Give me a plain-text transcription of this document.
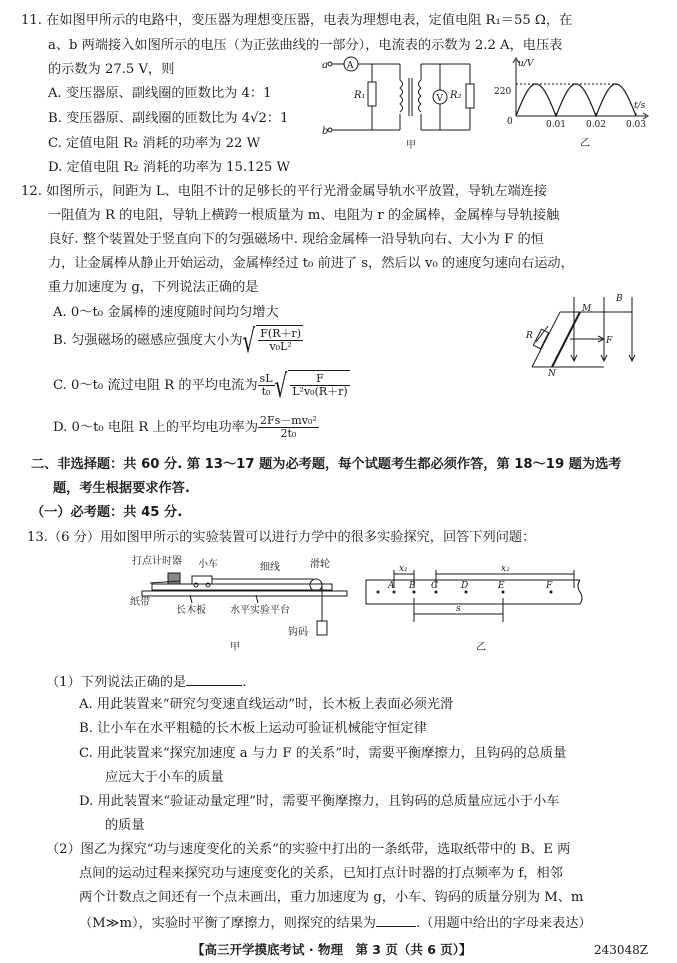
11. 在如图甲所示的电路中，变压器为理想变压器，电表为理想电表，定值电阻 R₁＝55 Ω，在
a、b 两端接入如图所示的电压（为正弦曲线的一部分），电流表的示数为 2.2 A，电压表
的示数为 27.5 V，则
A. 变压器原、副线圈的匝数比为 4：1
B. 变压器原、副线圈的匝数比为 4√2：1
C. 定值电阻 R₂ 消耗的功率为 22 W
D. 定值电阻 R₂ 消耗的功率为 15.125 W
a
b
A
V
R₁	R₂
甲
u/V
t/s
220
0	0.01 0.02 0.03
乙
12. 如图所示，间距为 L、电阻不计的足够长的平行光滑金属导轨水平放置，导轨左端连接
一阻值为 R 的电阻，导轨上横跨一根质量为 m、电阻为 r 的金属棒，金属棒与导轨接触
良好. 整个装置处于竖直向下的匀强磁场中. 现给金属棒一沿导轨向右、大小为 F 的恒
力，让金属棒从静止开始运动，金属棒经过 t₀ 前进了 s，然后以 v₀ 的速度匀速向右运动，
重力加速度为 g，下列说法正确的是
A. 0～t₀ 金属棒的速度随时间均匀增大
B. 匀强磁场的磁感应强度大小为√ $\frac{F(R+r)}{\text{v₀L²}}$
C. 0～t₀ 流过电阻 R 的平均电流为 $\frac{sL}{\text{t₀}}$ √ $\frac{F}{\text{L²v₀(R＋r)}}$
D. 0～t₀ 电阻 R 上的平均电功率为 $\frac{\text{2Fs－mv₀²}}{\text{2t₀}}$
B
M
N
R	F
二、非选择题：共 60 分. 第 13～17 题为必考题，每个试题考生都必须作答，第 18～19 题为选考
题，考生根据要求作答.
（一）必考题：共 45 分.
13.（6 分）用如图甲所示的实验装置可以进行力学中的很多实验探究，回答下列问题：
打点计时器 小车	细线	滑轮
纸带
长木板 水平实验平台
钩码
甲
x₁	x₂
s
A B C	D	E	F
乙
（1）下列说法正确的是	.
A. 用此装置来“研究匀变速直线运动”时，长木板上表面必须光滑
B. 让小车在水平粗糙的长木板上运动可验证机械能守恒定律
C. 用此装置来“探究加速度 a 与力 F 的关系”时，需要平衡摩擦力，且钩码的总质量
应远大于小车的质量
D. 用此装置来“验证动量定理”时，需要平衡摩擦力，且钩码的总质量应远小于小车
的质量
（2）图乙为探究“功与速度变化的关系”的实验中打出的一条纸带，选取纸带中的 B、E 两
点间的运动过程来探究功与速度变化的关系，已知打点计时器的打点频率为 f，相邻
两个计数点之间还有一个点未画出，重力加速度为 g，小车、钩码的质量分别为 M、m
（M≫m），实验时平衡了摩擦力，则探究的结果为	.（用题中给出的字母来表达）
【高三开学摸底考试 · 物理　第 3 页（共 6 页）】	243048Z
